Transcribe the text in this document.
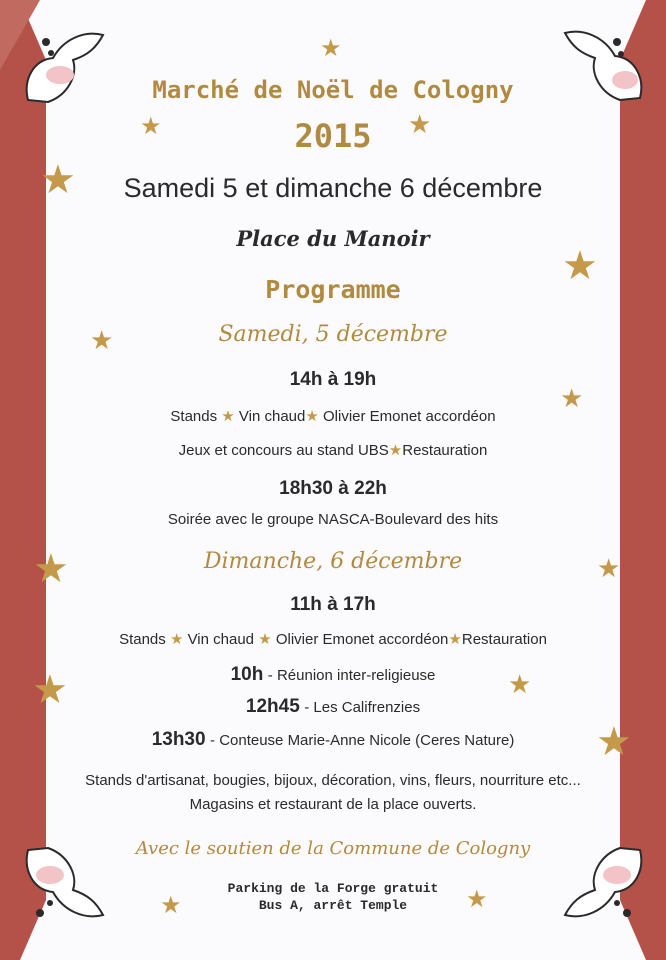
★
★	★
★
★
★
★
★	★
★	★
★
★	★
Marché de Noël de Cologny
2015
Samedi 5 et dimanche 6 décembre
Place du Manoir
Programme
Samedi, 5 décembre
14h à 19h
Stands ★ Vin chaud★ Olivier Emonet accordéon
Jeux et concours au stand UBS★Restauration
18h30 à 22h
Soirée avec le groupe NASCA-Boulevard des hits
Dimanche, 6 décembre
11h à 17h
Stands ★ Vin chaud ★ Olivier Emonet accordéon★Restauration
10h - Réunion inter-religieuse
12h45 - Les Califrenzies
13h30 - Conteuse Marie-Anne Nicole (Ceres Nature)
Stands d'artisanat, bougies, bijoux, décoration, vins, fleurs, nourriture etc...
Magasins et restaurant de la place ouverts.
Avec le soutien de la Commune de Cologny
Parking de la Forge gratuit
Bus A, arrêt Temple
